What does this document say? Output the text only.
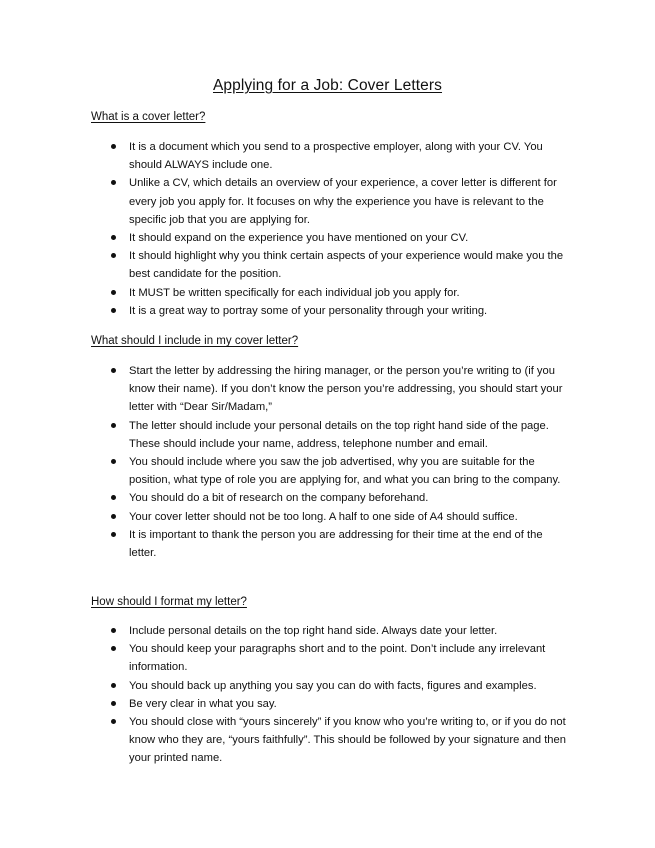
Applying for a Job: Cover Letters
What is a cover letter?
It is a document which you send to a prospective employer, along with your CV. You should ALWAYS include one.
Unlike a CV, which details an overview of your experience, a cover letter is different for every job you apply for. It focuses on why the experience you have is relevant to the specific job that you are applying for.
It should expand on the experience you have mentioned on your CV.
It should highlight why you think certain aspects of your experience would make you the best candidate for the position.
It MUST be written specifically for each individual job you apply for.
It is a great way to portray some of your personality through your writing.
What should I include in my cover letter?
Start the letter by addressing the hiring manager, or the person you’re writing to (if you know their name). If you don’t know the person you’re addressing, you should start your letter with “Dear Sir/Madam,”
The letter should include your personal details on the top right hand side of the page. These should include your name, address, telephone number and email.
You should include where you saw the job advertised, why you are suitable for the position, what type of role you are applying for, and what you can bring to the company.
You should do a bit of research on the company beforehand.
Your cover letter should not be too long. A half to one side of A4 should suffice.
It is important to thank the person you are addressing for their time at the end of the letter.
How should I format my letter?
Include personal details on the top right hand side. Always date your letter.
You should keep your paragraphs short and to the point. Don’t include any irrelevant information.
You should back up anything you say you can do with facts, figures and examples.
Be very clear in what you say.
You should close with “yours sincerely” if you know who you’re writing to, or if you do not know who they are, “yours faithfully”. This should be followed by your signature and then your printed name.
